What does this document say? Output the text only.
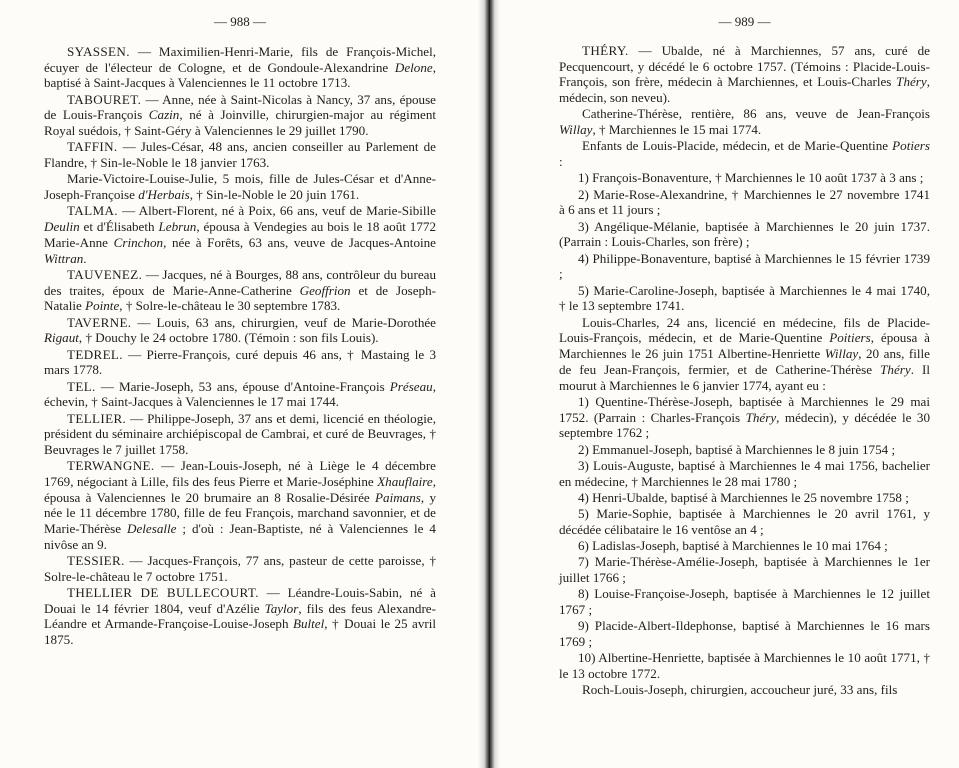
— 988 —

SYASSEN. — Maximilien-Henri-Marie, fils de François-Michel, écuyer de l'électeur de Cologne, et de Gondoule-Alexandrine Delone, baptisé à Saint-Jacques à Valenciennes le 11 octobre 1713.

TABOURET. — Anne, née à Saint-Nicolas à Nancy, 37 ans, épouse de Louis-François Cazin, né à Joinville, chirurgien-major au régiment Royal suédois, † Saint-Géry à Valenciennes le 29 juillet 1790.

TAFFIN. — Jules-César, 48 ans, ancien conseiller au Parlement de Flandre, † Sin-le-Noble le 18 janvier 1763.

Marie-Victoire-Louise-Julie, 5 mois, fille de Jules-César et d'Anne-Joseph-Françoise d'Herbais, † Sin-le-Noble le 20 juin 1761.

TALMA. — Albert-Florent, né à Poix, 66 ans, veuf de Marie-Sibille Deulin et d'Élisabeth Lebrun, épousa à Vendegies au bois le 18 août 1772 Marie-Anne Crinchon, née à Forêts, 63 ans, veuve de Jacques-Antoine Wittran.

TAUVENEZ. — Jacques, né à Bourges, 88 ans, contrôleur du bureau des traites, époux de Marie-Anne-Catherine Geoffrion et de Joseph-Natalie Pointe, † Solre-le-château le 30 septembre 1783.

TAVERNE. — Louis, 63 ans, chirurgien, veuf de Marie-Dorothée Rigaut, † Douchy le 24 octobre 1780. (Témoin : son fils Louis).

TEDREL. — Pierre-François, curé depuis 46 ans, † Mastaing le 3 mars 1778.

TEL. — Marie-Joseph, 53 ans, épouse d'Antoine-François Préseau, échevin, † Saint-Jacques à Valenciennes le 17 mai 1744.

TELLIER. — Philippe-Joseph, 37 ans et demi, licencié en théologie, président du séminaire archiépiscopal de Cambrai, et curé de Beuvrages, † Beuvrages le 7 juillet 1758.

TERWANGNE. — Jean-Louis-Joseph, né à Liège le 4 décembre 1769, négociant à Lille, fils des feus Pierre et Marie-Joséphine Xhauflaire, épousa à Valenciennes le 20 brumaire an 8 Rosalie-Désirée Paimans, y née le 11 décembre 1780, fille de feu François, marchand savonnier, et de Marie-Thérèse Delesalle ; d'où : Jean-Baptiste, né à Valenciennes le 4 nivôse an 9.

TESSIER. — Jacques-François, 77 ans, pasteur de cette paroisse, † Solre-le-château le 7 octobre 1751.

THELLIER DE BULLECOURT. — Léandre-Louis-Sabin, né à Douai le 14 février 1804, veuf d'Azélie Taylor, fils des feus Alexandre-Léandre et Armande-Françoise-Louise-Joseph Bultel, † Douai le 25 avril 1875.

— 989 —

THÉRY. — Ubalde, né à Marchiennes, 57 ans, curé de Pecquencourt, y décédé le 6 octobre 1757. (Témoins : Placide-Louis-François, son frère, médecin à Marchiennes, et Louis-Charles Théry, médecin, son neveu).

Catherine-Thérèse, rentière, 86 ans, veuve de Jean-François Willay, † Marchiennes le 15 mai 1774.

Enfants de Louis-Placide, médecin, et de Marie-Quentine Potiers :

1) François-Bonaventure, † Marchiennes le 10 août 1737 à 3 ans ;

2) Marie-Rose-Alexandrine, † Marchiennes le 27 novembre 1741 à 6 ans et 11 jours ;

3) Angélique-Mélanie, baptisée à Marchiennes le 20 juin 1737. (Parrain : Louis-Charles, son frère) ;

4) Philippe-Bonaventure, baptisé à Marchiennes le 15 février 1739 ;

5) Marie-Caroline-Joseph, baptisée à Marchiennes le 4 mai 1740, † le 13 septembre 1741.

Louis-Charles, 24 ans, licencié en médecine, fils de Placide-Louis-François, médecin, et de Marie-Quentine Poitiers, épousa à Marchiennes le 26 juin 1751 Albertine-Henriette Willay, 20 ans, fille de feu Jean-François, fermier, et de Catherine-Thérèse Théry. Il mourut à Marchiennes le 6 janvier 1774, ayant eu :

1) Quentine-Thérèse-Joseph, baptisée à Marchiennes le 29 mai 1752. (Parrain : Charles-François Théry, médecin), y décédée le 30 septembre 1762 ;

2) Emmanuel-Joseph, baptisé à Marchiennes le 8 juin 1754 ;

3) Louis-Auguste, baptisé à Marchiennes le 4 mai 1756, bachelier en médecine, † Marchiennes le 28 mai 1780 ;

4) Henri-Ubalde, baptisé à Marchiennes le 25 novembre 1758 ;

5) Marie-Sophie, baptisée à Marchiennes le 20 avril 1761, y décédée célibataire le 16 ventôse an 4 ;

6) Ladislas-Joseph, baptisé à Marchiennes le 10 mai 1764 ;

7) Marie-Thérèse-Amélie-Joseph, baptisée à Marchiennes le 1er juillet 1766 ;

8) Louise-Françoise-Joseph, baptisée à Marchiennes le 12 juillet 1767 ;

9) Placide-Albert-Ildephonse, baptisé à Marchiennes le 16 mars 1769 ;

10) Albertine-Henriette, baptisée à Marchiennes le 10 août 1771, † le 13 octobre 1772.

Roch-Louis-Joseph, chirurgien, accoucheur juré, 33 ans, fils
